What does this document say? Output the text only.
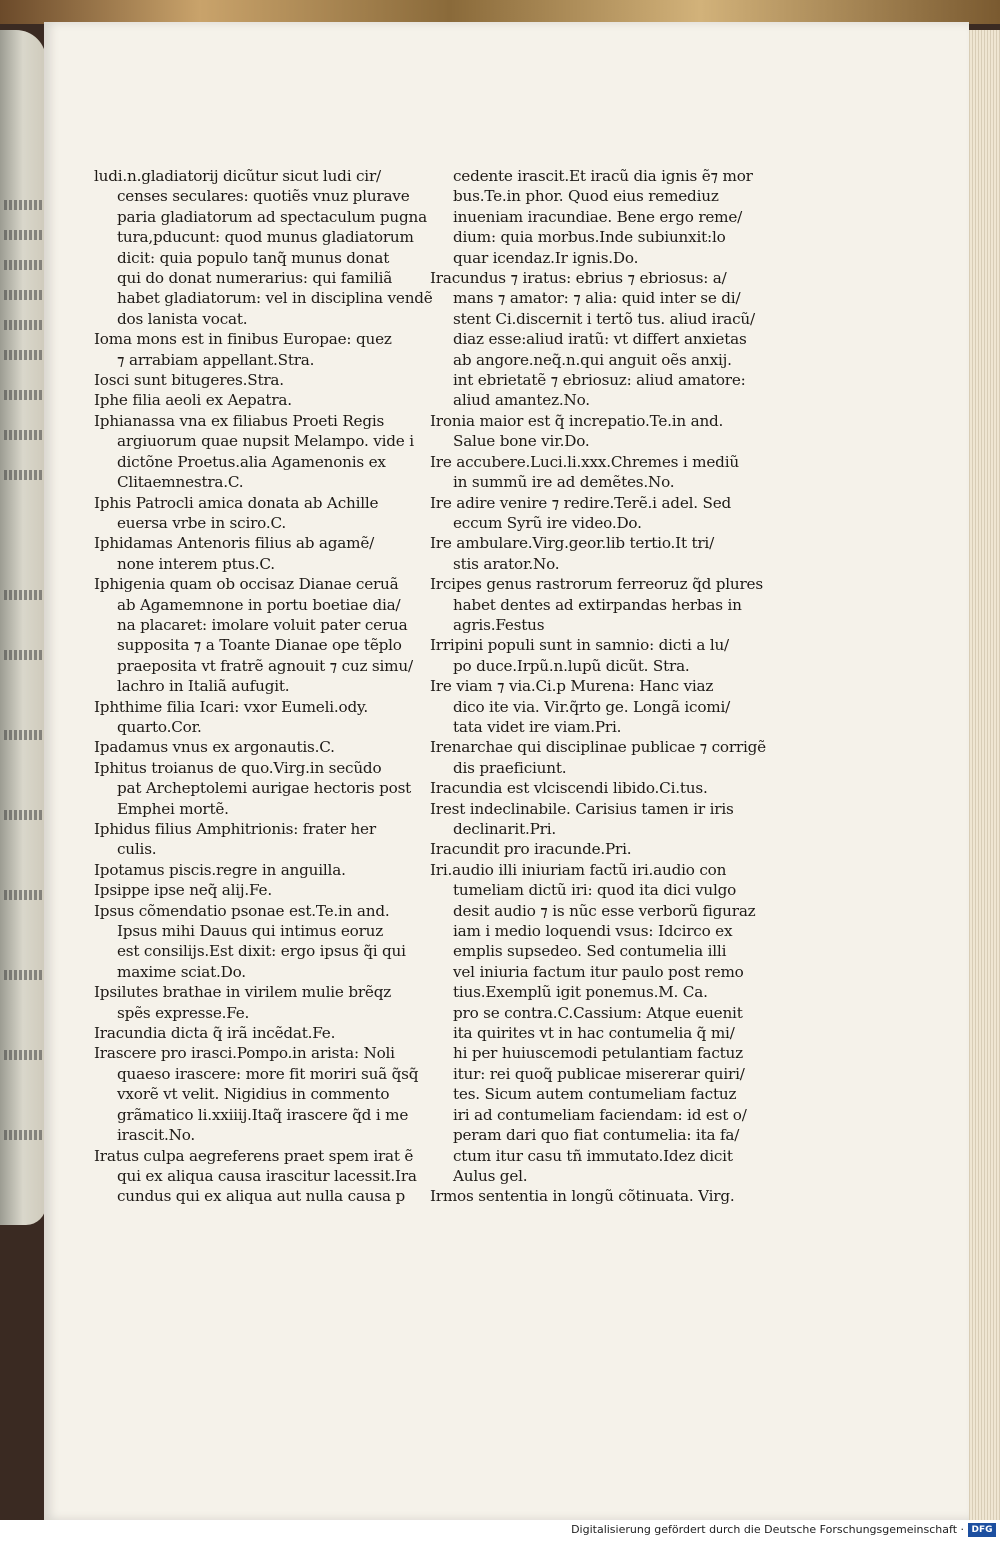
ludi.n.gladiatorij dicũtur sicut ludi cir/
censes seculares: quotiẽs vnuz plurave
paria gladiatorum ad spectaculum pugna
tura,pducunt: quod munus gladiatorum
dicit: quia populo tanq̃ munus donat
qui do donat numerarius: qui familiã
habet gladiatorum: vel in disciplina vendẽ
dos lanista vocat.
Ioma mons est in finibus Europae: quez
⁊ arrabiam appellant.Stra.
Iosci sunt bitugeres.Stra.
Iphe filia aeoli ex Aepatra.
Iphianassa vna ex filiabus Proeti Regis
argiuorum quae nupsit Melampo. vide i
dictõne Proetus.alia Agamenonis ex
Clitaemnestra.C.
Iphis Patrocli amica donata ab Achille
euersa vrbe in sciro.C.
Iphidamas Antenoris filius ab agamẽ/
none interem ptus.C.
Iphigenia quam ob occisaz Dianae ceruã
ab Agamemnone in portu boetiae dia/
na placaret: imolare voluit pater cerua
supposita ⁊ a Toante Dianae ope tẽplo
praeposita vt fratrẽ agnouit ⁊ cuz simu/
lachro in Italiã aufugit.
Iphthime filia Icari: vxor Eumeli.ody.
quarto.Cor.
Ipadamus vnus ex argonautis.C.
Iphitus troianus de quo.Virg.in secũdo
pat Archeptolemi aurigae hectoris post
Emphei mortẽ.
Iphidus filius Amphitrionis: frater her
culis.
Ipotamus piscis.regre in anguilla.
Ipsippe ipse neq̃ alij.Fe.
Ipsus cõmendatio psonae est.Te.in and.
Ipsus mihi Dauus qui intimus eoruz
est consilijs.Est dixit: ergo ipsus q̃i qui
maxime sciat.Do.
Ipsilutes brathae in virilem mulie brẽqz
spẽs expresse.Fe.
Iracundia dicta q̃ irã incẽdat.Fe.
Irascere pro irasci.Pompo.in arista: Noli
quaeso irascere: more fit moriri suã q̃sq̃
vxorẽ vt velit. Nigidius in commento
grãmatico li.xxiiij.Itaq̃ irascere q̃d i me
irascit.No.
Iratus culpa aegreferens praet spem irat ẽ
qui ex aliqua causa irascitur lacessit.Ira
cundus qui ex aliqua aut nulla causa p
cedente irascit.Et iracũ dia ignis ẽ⁊ mor
bus.Te.in phor. Quod eius remediuz
inueniam iracundiae. Bene ergo reme/
dium: quia morbus.Inde subiunxit:lo
quar icendaz.Ir ignis.Do.
Iracundus ⁊ iratus: ebrius ⁊ ebriosus: a/
mans ⁊ amator: ⁊ alia: quid inter se di/
stent Ci.discernit i tertõ tus. aliud iracũ/
diaz esse:aliud iratũ: vt differt anxietas
ab angore.neq̃.n.qui anguit oẽs anxij.
int ebrietatẽ ⁊ ebriosuz: aliud amatore:
aliud amantez.No.
Ironia maior est q̃ increpatio.Te.in and.
Salue bone vir.Do.
Ire accubere.Luci.li.xxx.Chremes i mediũ
in summũ ire ad demẽtes.No.
Ire adire venire ⁊ redire.Terẽ.i adel. Sed
eccum Syrũ ire video.Do.
Ire ambulare.Virg.geor.lib tertio.It tri/
stis arator.No.
Ircipes genus rastrorum ferreoruz q̃d plures
habet dentes ad extirpandas herbas in
agris.Festus
Irripini populi sunt in samnio: dicti a lu/
po duce.Irpũ.n.lupũ dicũt. Stra.
Ire viam ⁊ via.Ci.p Murena: Hanc viaz
dico ite via. Vir.q̃rto ge. Longã icomi/
tata videt ire viam.Pri.
Irenarchae qui disciplinae publicae ⁊ corrigẽ
dis praeficiunt.
Iracundia est vlciscendi libido.Ci.tus.
Irest indeclinabile. Carisius tamen ir iris
declinarit.Pri.
Iracundit pro iracunde.Pri.
Iri.audio illi iniuriam factũ iri.audio con
tumeliam dictũ iri: quod ita dici vulgo
desit audio ⁊ is nũc esse verborũ figuraz
iam i medio loquendi vsus: Idcirco ex
emplis supsedeo. Sed contumelia illi
vel iniuria factum itur paulo post remo
tius.Exemplũ igit ponemus.M. Ca.
pro se contra.C.Cassium: Atque euenit
ita quirites vt in hac contumelia q̃ mi/
hi per huiuscemodi petulantiam factuz
itur: rei quoq̃ publicae misererar quiri/
tes. Sicum autem contumeliam factuz
iri ad contumeliam faciendam: id est o/
peram dari quo fiat contumelia: ita fa/
ctum itur casu tñ immutato.Idez dicit
Aulus gel.
Irmos sententia in longũ cõtinuata. Virg.
Digitalisierung gefördert durch die Deutsche Forschungsgemeinschaft · DFG
